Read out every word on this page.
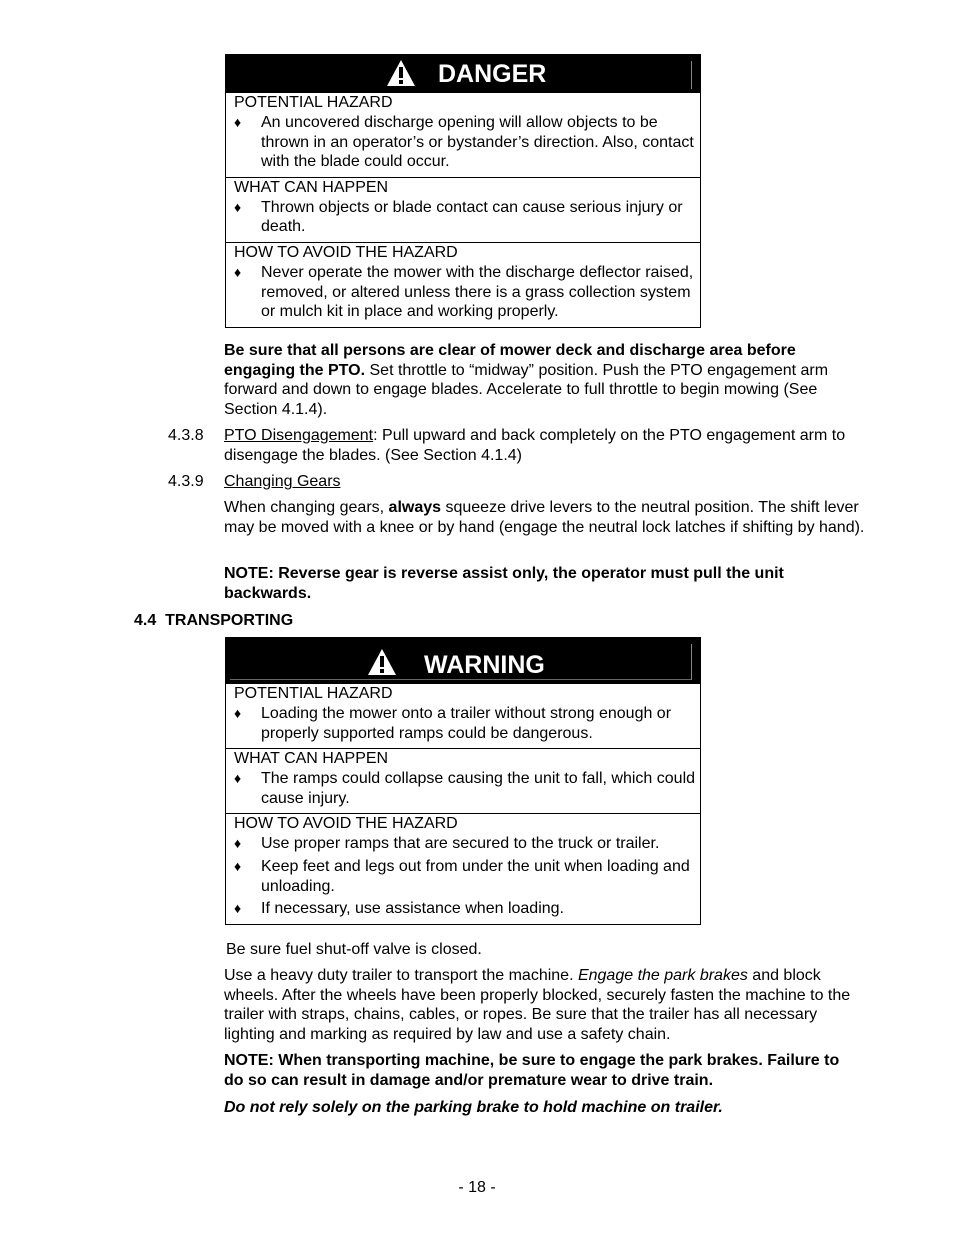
DANGER
POTENTIAL HAZARD
♦ An uncovered discharge opening will allow objects to be thrown in an operator’s or bystander’s direction. Also, contact with the blade could occur.
WHAT CAN HAPPEN
♦ Thrown objects or blade contact can cause serious injury or death.
HOW TO AVOID THE HAZARD
♦ Never operate the mower with the discharge deflector raised, removed, or altered unless there is a grass collection system or mulch kit in place and working properly.
Be sure that all persons are clear of mower deck and discharge area before engaging the PTO. Set throttle to “midway” position. Push the PTO engagement arm forward and down to engage blades. Accelerate to full throttle to begin mowing (See Section 4.1.4).
4.3.8 PTO Disengagement: Pull upward and back completely on the PTO engagement arm to disengage the blades. (See Section 4.1.4)
4.3.9 Changing Gears
When changing gears, always squeeze drive levers to the neutral position. The shift lever may be moved with a knee or by hand (engage the neutral lock latches if shifting by hand).
NOTE: Reverse gear is reverse assist only, the operator must pull the unit backwards.
4.4  TRANSPORTING
WARNING
POTENTIAL HAZARD
♦ Loading the mower onto a trailer without strong enough or properly supported ramps could be dangerous.
WHAT CAN HAPPEN
♦ The ramps could collapse causing the unit to fall, which could cause injury.
HOW TO AVOID THE HAZARD
♦ Use proper ramps that are secured to the truck or trailer.
♦ Keep feet and legs out from under the unit when loading and unloading.
♦ If necessary, use assistance when loading.
Be sure fuel shut-off valve is closed.
Use a heavy duty trailer to transport the machine. Engage the park brakes and block wheels. After the wheels have been properly blocked, securely fasten the machine to the trailer with straps, chains, cables, or ropes. Be sure that the trailer has all necessary lighting and marking as required by law and use a safety chain.
NOTE: When transporting machine, be sure to engage the park brakes. Failure to do so can result in damage and/or premature wear to drive train.
Do not rely solely on the parking brake to hold machine on trailer.
- 18 -
